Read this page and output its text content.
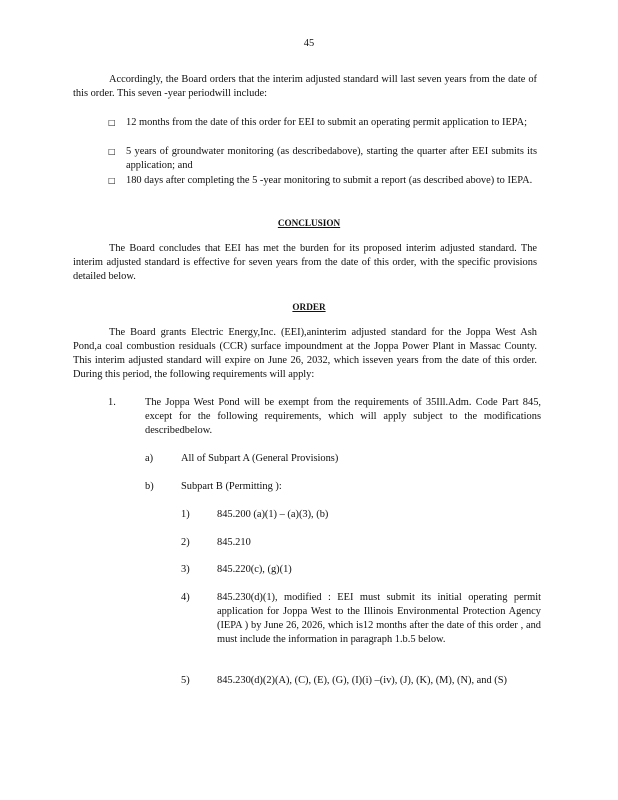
45
Accordingly, the Board orders that the interim adjusted standard will last seven years from the date of this order. This seven -year periodwill include:
□	12 months from the date of this order for EEI to submit an operating permit application to IEPA;
□	5 years of groundwater monitoring (as describedabove), starting the quarter after EEI submits its application; and
□	180 days after completing the 5 -year monitoring to submit a report (as described above) to IEPA.
CONCLUSION
The Board concludes that EEI has met the burden for its proposed interim adjusted standard. The interim adjusted standard is effective for seven years from the date of this order, with the specific provisions detailed below.
ORDER
The Board grants Electric Energy,Inc. (EEI),aninterim adjusted standard for the Joppa West Ash Pond,a coal combustion residuals (CCR) surface impoundment at the Joppa Power Plant in Massac County. This interim adjusted standard will expire on June 26, 2032, which isseven years from the date of this order. During this period, the following requirements will apply:
1.	The Joppa West Pond will be exempt from the requirements of 35Ill.Adm. Code Part 845, except for the following requirements, which will apply subject to the modifications describedbelow.
a)	All of Subpart A (General Provisions)
b)	Subpart B (Permitting ):
1)	845.200 (a)(1) – (a)(3), (b)
2)	845.210
3)	845.220(c), (g)(1)
4)	845.230(d)(1), modified : EEI must submit its initial operating permit application for Joppa West to the Illinois Environmental Protection Agency (IEPA ) by June 26, 2026, which is12 months after the date of this order , and must include the information in paragraph 1.b.5 below.
5)	845.230(d)(2)(A), (C), (E), (G), (I)(i) –(iv), (J), (K), (M), (N), and (S)
